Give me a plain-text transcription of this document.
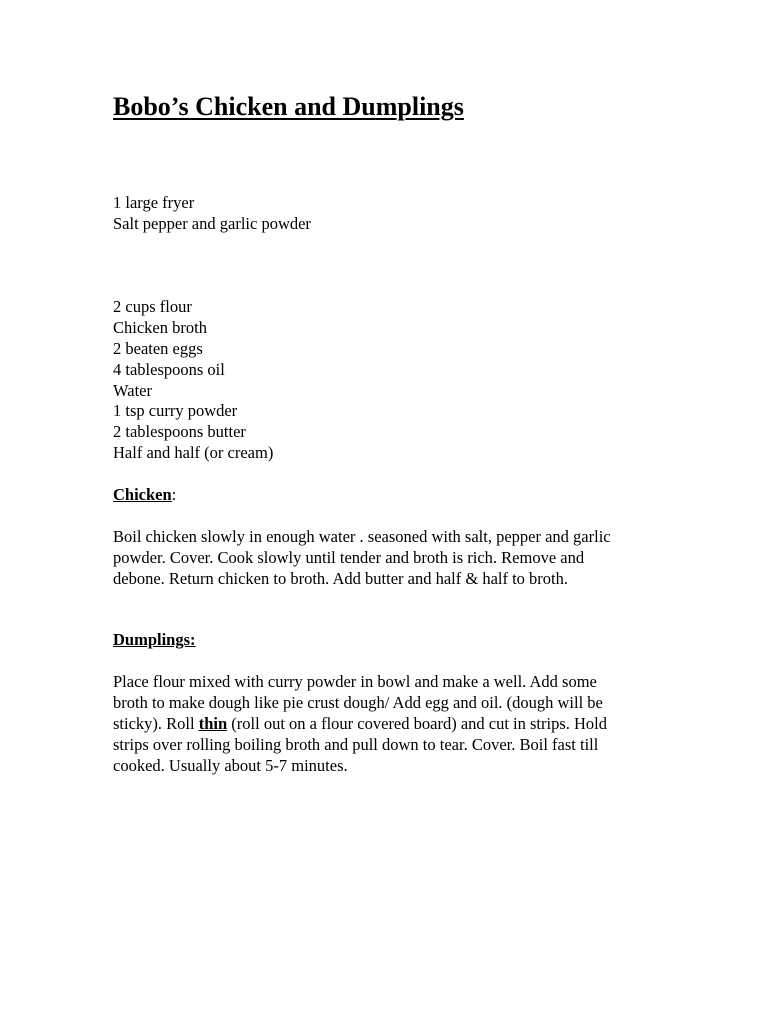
Bobo’s Chicken and Dumplings
1 large fryer
Salt pepper and garlic powder
2 cups flour
Chicken broth
2 beaten eggs
4 tablespoons oil
Water
1 tsp curry powder
2 tablespoons butter
Half and half (or cream)
Chicken:
Boil chicken slowly in enough water . seasoned with salt, pepper and garlic
powder. Cover. Cook slowly until tender and broth is rich. Remove and
debone. Return chicken to broth. Add butter and half & half to broth.
Dumplings:
Place flour mixed with curry powder in bowl and make a well. Add some
broth to make dough like pie crust dough/ Add egg and oil. (dough will be
sticky). Roll thin (roll out on a flour covered board) and cut in strips. Hold
strips over rolling boiling broth and pull down to tear. Cover. Boil fast till
cooked. Usually about 5-7 minutes.
